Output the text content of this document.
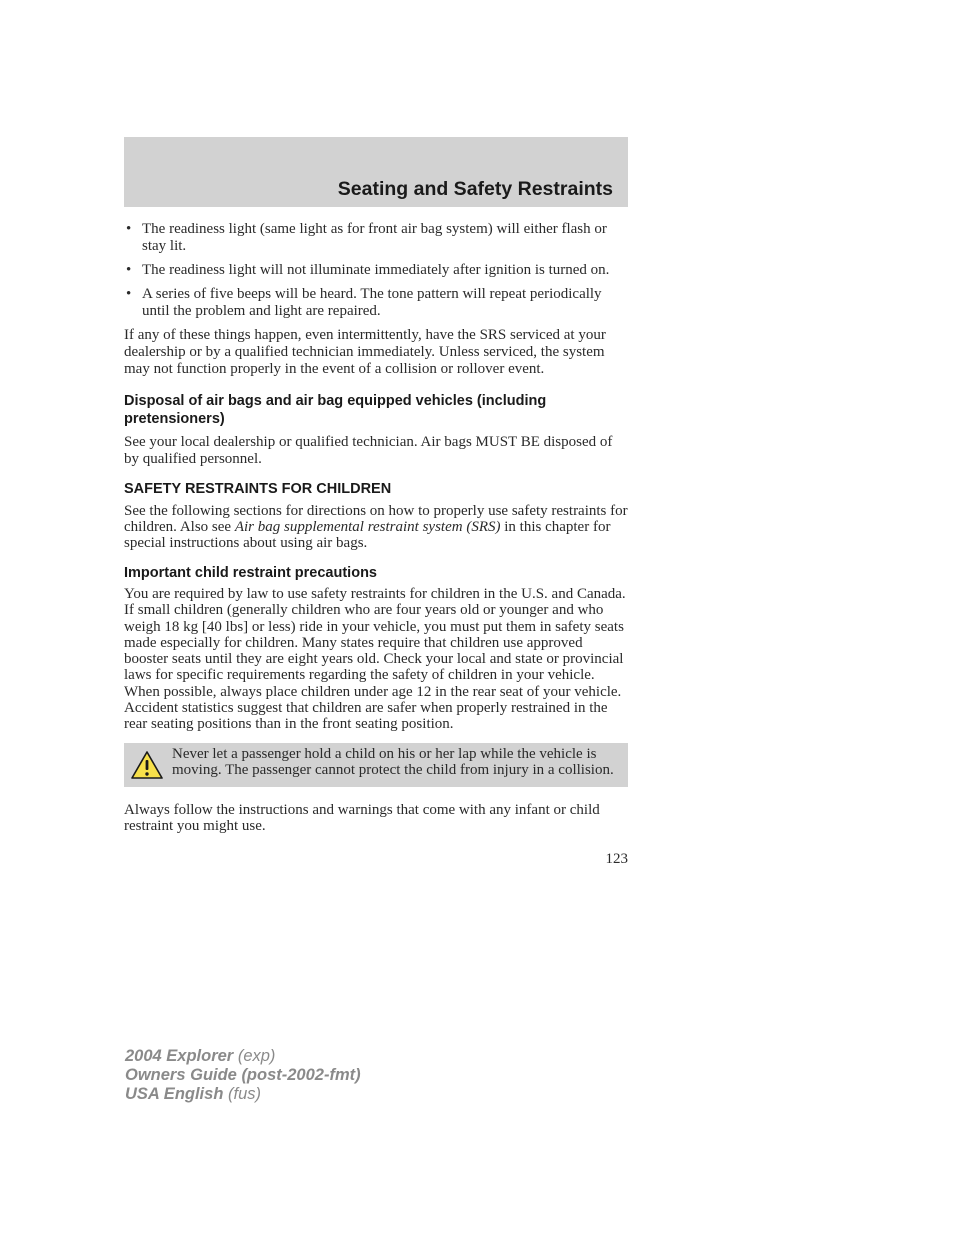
Seating and Safety Restraints
• The readiness light (same light as for front air bag system) will either flash or stay lit.
• The readiness light will not illuminate immediately after ignition is turned on.
• A series of five beeps will be heard. The tone pattern will repeat periodically until the problem and light are repaired.

If any of these things happen, even intermittently, have the SRS serviced at your dealership or by a qualified technician immediately. Unless serviced, the system may not function properly in the event of a collision or rollover event.

Disposal of air bags and air bag equipped vehicles (including pretensioners)

See your local dealership or qualified technician. Air bags MUST BE disposed of by qualified personnel.

SAFETY RESTRAINTS FOR CHILDREN

See the following sections for directions on how to properly use safety restraints for children. Also see Air bag supplemental restraint system (SRS) in this chapter for special instructions about using air bags.

Important child restraint precautions

You are required by law to use safety restraints for children in the U.S. and Canada. If small children (generally children who are four years old or younger and who weigh 18 kg [40 lbs] or less) ride in your vehicle, you must put them in safety seats made especially for children. Many states require that children use approved booster seats until they are eight years old. Check your local and state or provincial laws for specific requirements regarding the safety of children in your vehicle. When possible, always place children under age 12 in the rear seat of your vehicle. Accident statistics suggest that children are safer when properly restrained in the rear seating positions than in the front seating position.

Never let a passenger hold a child on his or her lap while the vehicle is moving. The passenger cannot protect the child from injury in a collision.

Always follow the instructions and warnings that come with any infant or child restraint you might use.

123
2004 Explorer (exp)
Owners Guide (post-2002-fmt)
USA English (fus)
